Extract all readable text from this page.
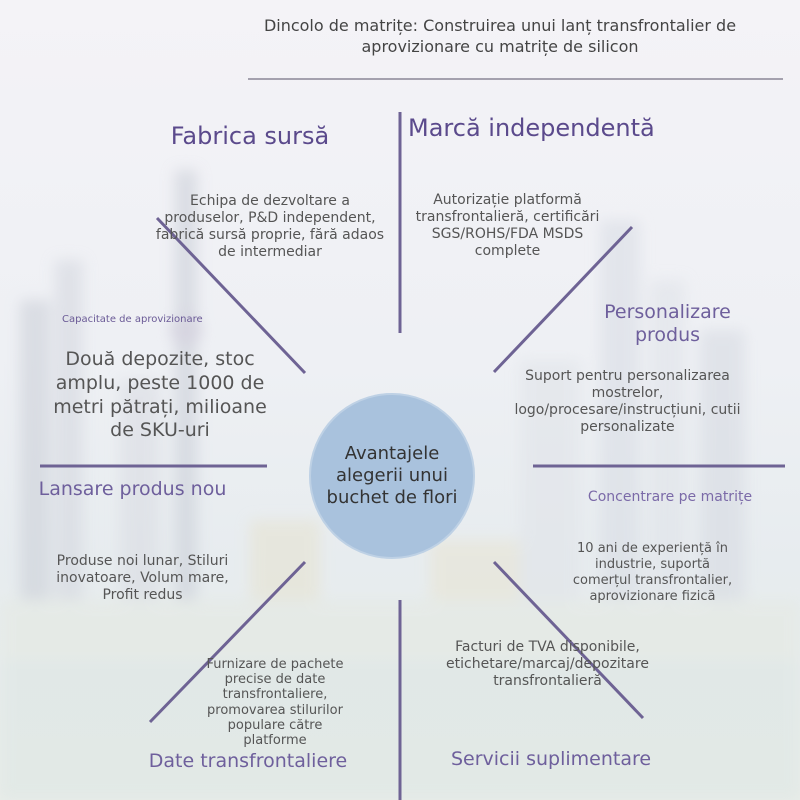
Dincolo de matrițe: Construirea unui lanț transfrontalier de aprovizionare cu matrițe de silicon
Fabrica sursă
Echipa de dezvoltare a produselor, P&D independent, fabrică sursă proprie, fără adaos de intermediar
Marcă independentă
Autorizație platformă transfrontalieră, certificări SGS/ROHS/FDA MSDS complete
Capacitate de aprovizionare
Două depozite, stoc amplu, peste 1000 de metri pătrați, milioane de SKU-uri
Personalizare produs
Suport pentru personalizarea mostrelor, logo/procesare/instrucțiuni, cutii personalizate
Avantajele alegerii unui buchet de flori
Lansare produs nou
Produse noi lunar, Stiluri inovatoare, Volum mare, Profit redus
Concentrare pe matrițe
10 ani de experiență în industrie, suportă comerțul transfrontalier, aprovizionare fizică
Furnizare de pachete precise de date transfrontaliere, promovarea stilurilor populare către platforme
Date transfrontaliere
Facturi de TVA disponibile, etichetare/marcaj/depozitare transfrontalieră
Servicii suplimentare
